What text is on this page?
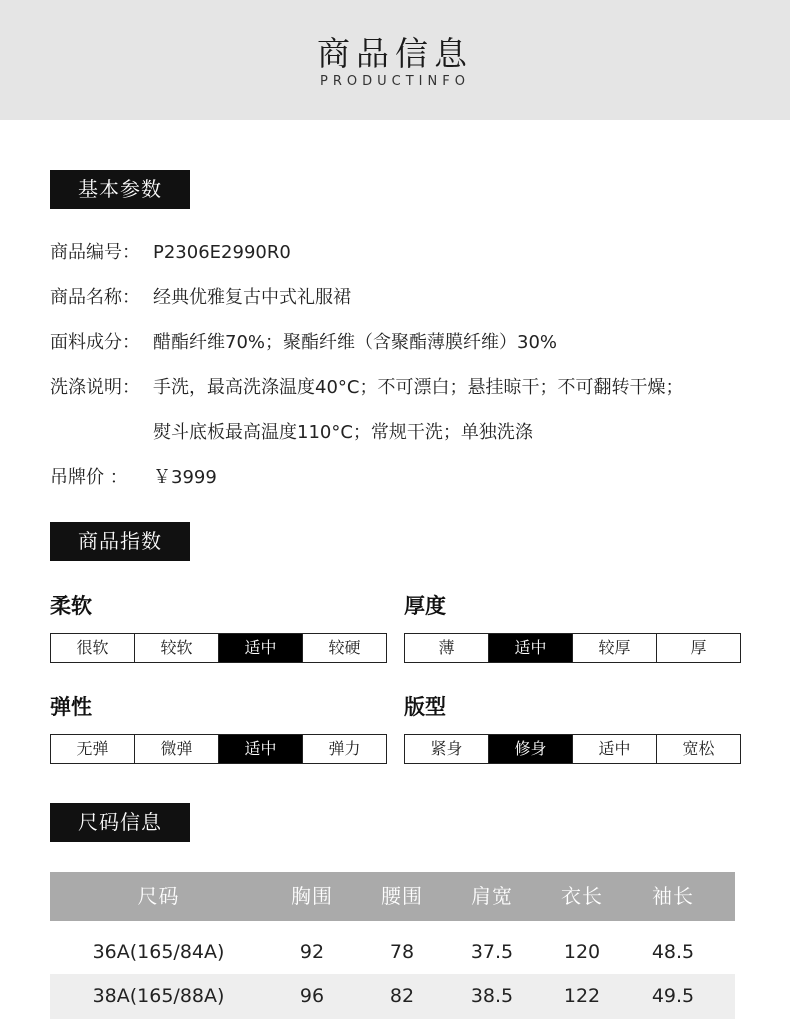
商品信息
PRODUCTINFO
基本参数
商品编号： P2306E2990R0
商品名称： 经典优雅复古中式礼服裙
面料成分： 醋酯纤维70%；聚酯纤维（含聚酯薄膜纤维）30%
洗涤说明： 手洗，最高洗涤温度40°C；不可漂白；悬挂晾干；不可翻转干燥；
熨斗底板最高温度110°C；常规干洗；单独洗涤
吊牌价 ： ￥3999
商品指数
柔软
很软	较软	适中	较硬
厚度
薄	适中	较厚	厚
弹性
无弹	微弹	适中	弹力
版型
紧身	修身	适中	宽松
尺码信息
尺码	胸围	腰围	肩宽	衣长	袖长
36A(165/84A)	92	78	37.5	120	48.5
38A(165/88A)	96	82	38.5	122	49.5
